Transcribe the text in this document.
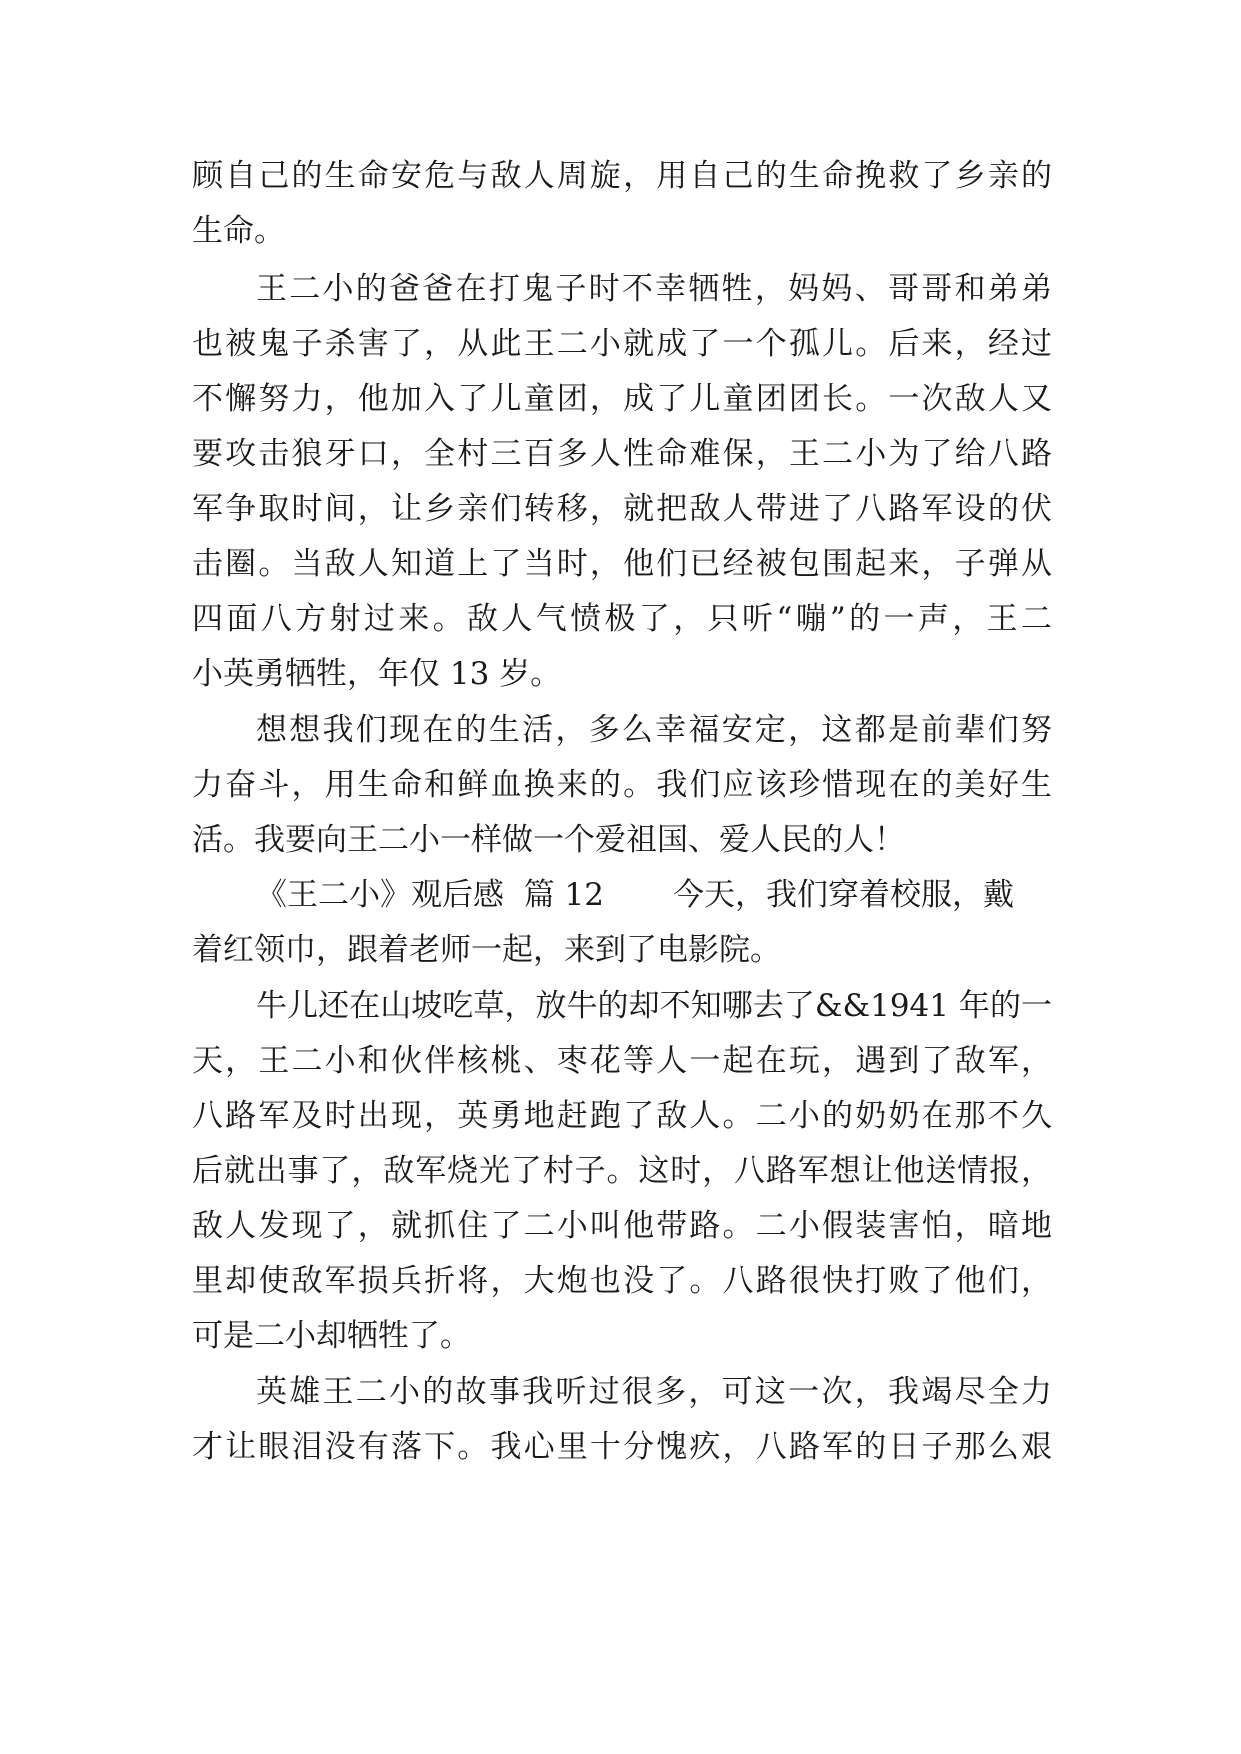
顾自己的生命安危与敌人周旋，用自己的生命挽救了乡亲的
生命。
王二小的爸爸在打鬼子时不幸牺牲，妈妈、哥哥和弟弟
也被鬼子杀害了，从此王二小就成了一个孤儿。后来，经过
不懈努力，他加入了儿童团，成了儿童团团长。一次敌人又
要攻击狼牙口，全村三百多人性命难保，王二小为了给八路
军争取时间，让乡亲们转移，就把敌人带进了八路军设的伏
击圈。当敌人知道上了当时，他们已经被包围起来，子弹从
四面八方射过来。敌人气愤极了，只听“嘣”的一声，王二
小英勇牺牲，年仅 13 岁。
想想我们现在的生活，多么幸福安定，这都是前辈们努
力奋斗，用生命和鲜血换来的。我们应该珍惜现在的美好生
活。我要向王二小一样做一个爱祖国、爱人民的人！
《王二小》观后感  篇 12       今天，我们穿着校服，戴
着红领巾，跟着老师一起，来到了电影院。
牛儿还在山坡吃草，放牛的却不知哪去了&&1941 年的一
天，王二小和伙伴核桃、枣花等人一起在玩，遇到了敌军，
八路军及时出现，英勇地赶跑了敌人。二小的奶奶在那不久
后就出事了，敌军烧光了村子。这时，八路军想让他送情报，
敌人发现了，就抓住了二小叫他带路。二小假装害怕，暗地
里却使敌军损兵折将，大炮也没了。八路很快打败了他们，
可是二小却牺牲了。
英雄王二小的故事我听过很多，可这一次，我竭尽全力
才让眼泪没有落下。我心里十分愧疚，八路军的日子那么艰
